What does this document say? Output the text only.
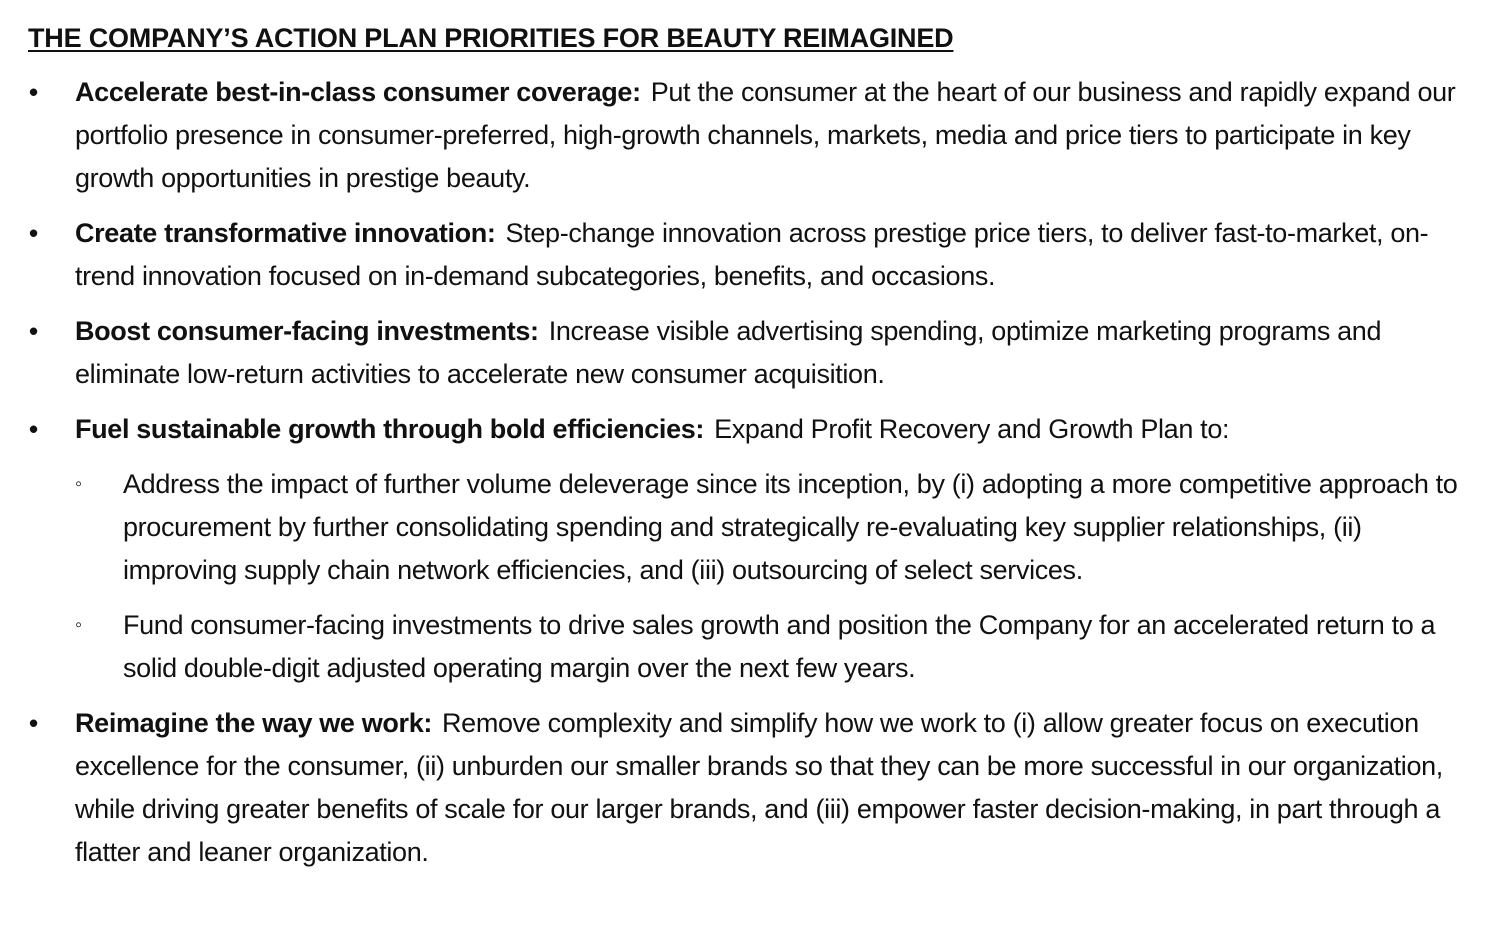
THE COMPANY’S ACTION PLAN PRIORITIES FOR BEAUTY REIMAGINED
•	Accelerate best-in-class consumer coverage: Put the consumer at the heart of our business and rapidly expand our portfolio presence in consumer-preferred, high-growth channels, markets, media and price tiers to participate in key growth opportunities in prestige beauty.
•	Create transformative innovation: Step-change innovation across prestige price tiers, to deliver fast-to-market, on-trend innovation focused on in-demand subcategories, benefits, and occasions.
•	Boost consumer-facing investments: Increase visible advertising spending, optimize marketing programs and eliminate low-return activities to accelerate new consumer acquisition.
•	Fuel sustainable growth through bold efficiencies: Expand Profit Recovery and Growth Plan to:
◦ Address the impact of further volume deleverage since its inception, by (i) adopting a more competitive approach to procurement by further consolidating spending and strategically re-evaluating key supplier relationships, (ii) improving supply chain network efficiencies, and (iii) outsourcing of select services.
◦ Fund consumer-facing investments to drive sales growth and position the Company for an accelerated return to a solid double-digit adjusted operating margin over the next few years.
•	Reimagine the way we work: Remove complexity and simplify how we work to (i) allow greater focus on execution excellence for the consumer, (ii) unburden our smaller brands so that they can be more successful in our organization, while driving greater benefits of scale for our larger brands, and (iii) empower faster decision-making, in part through a flatter and leaner organization.
